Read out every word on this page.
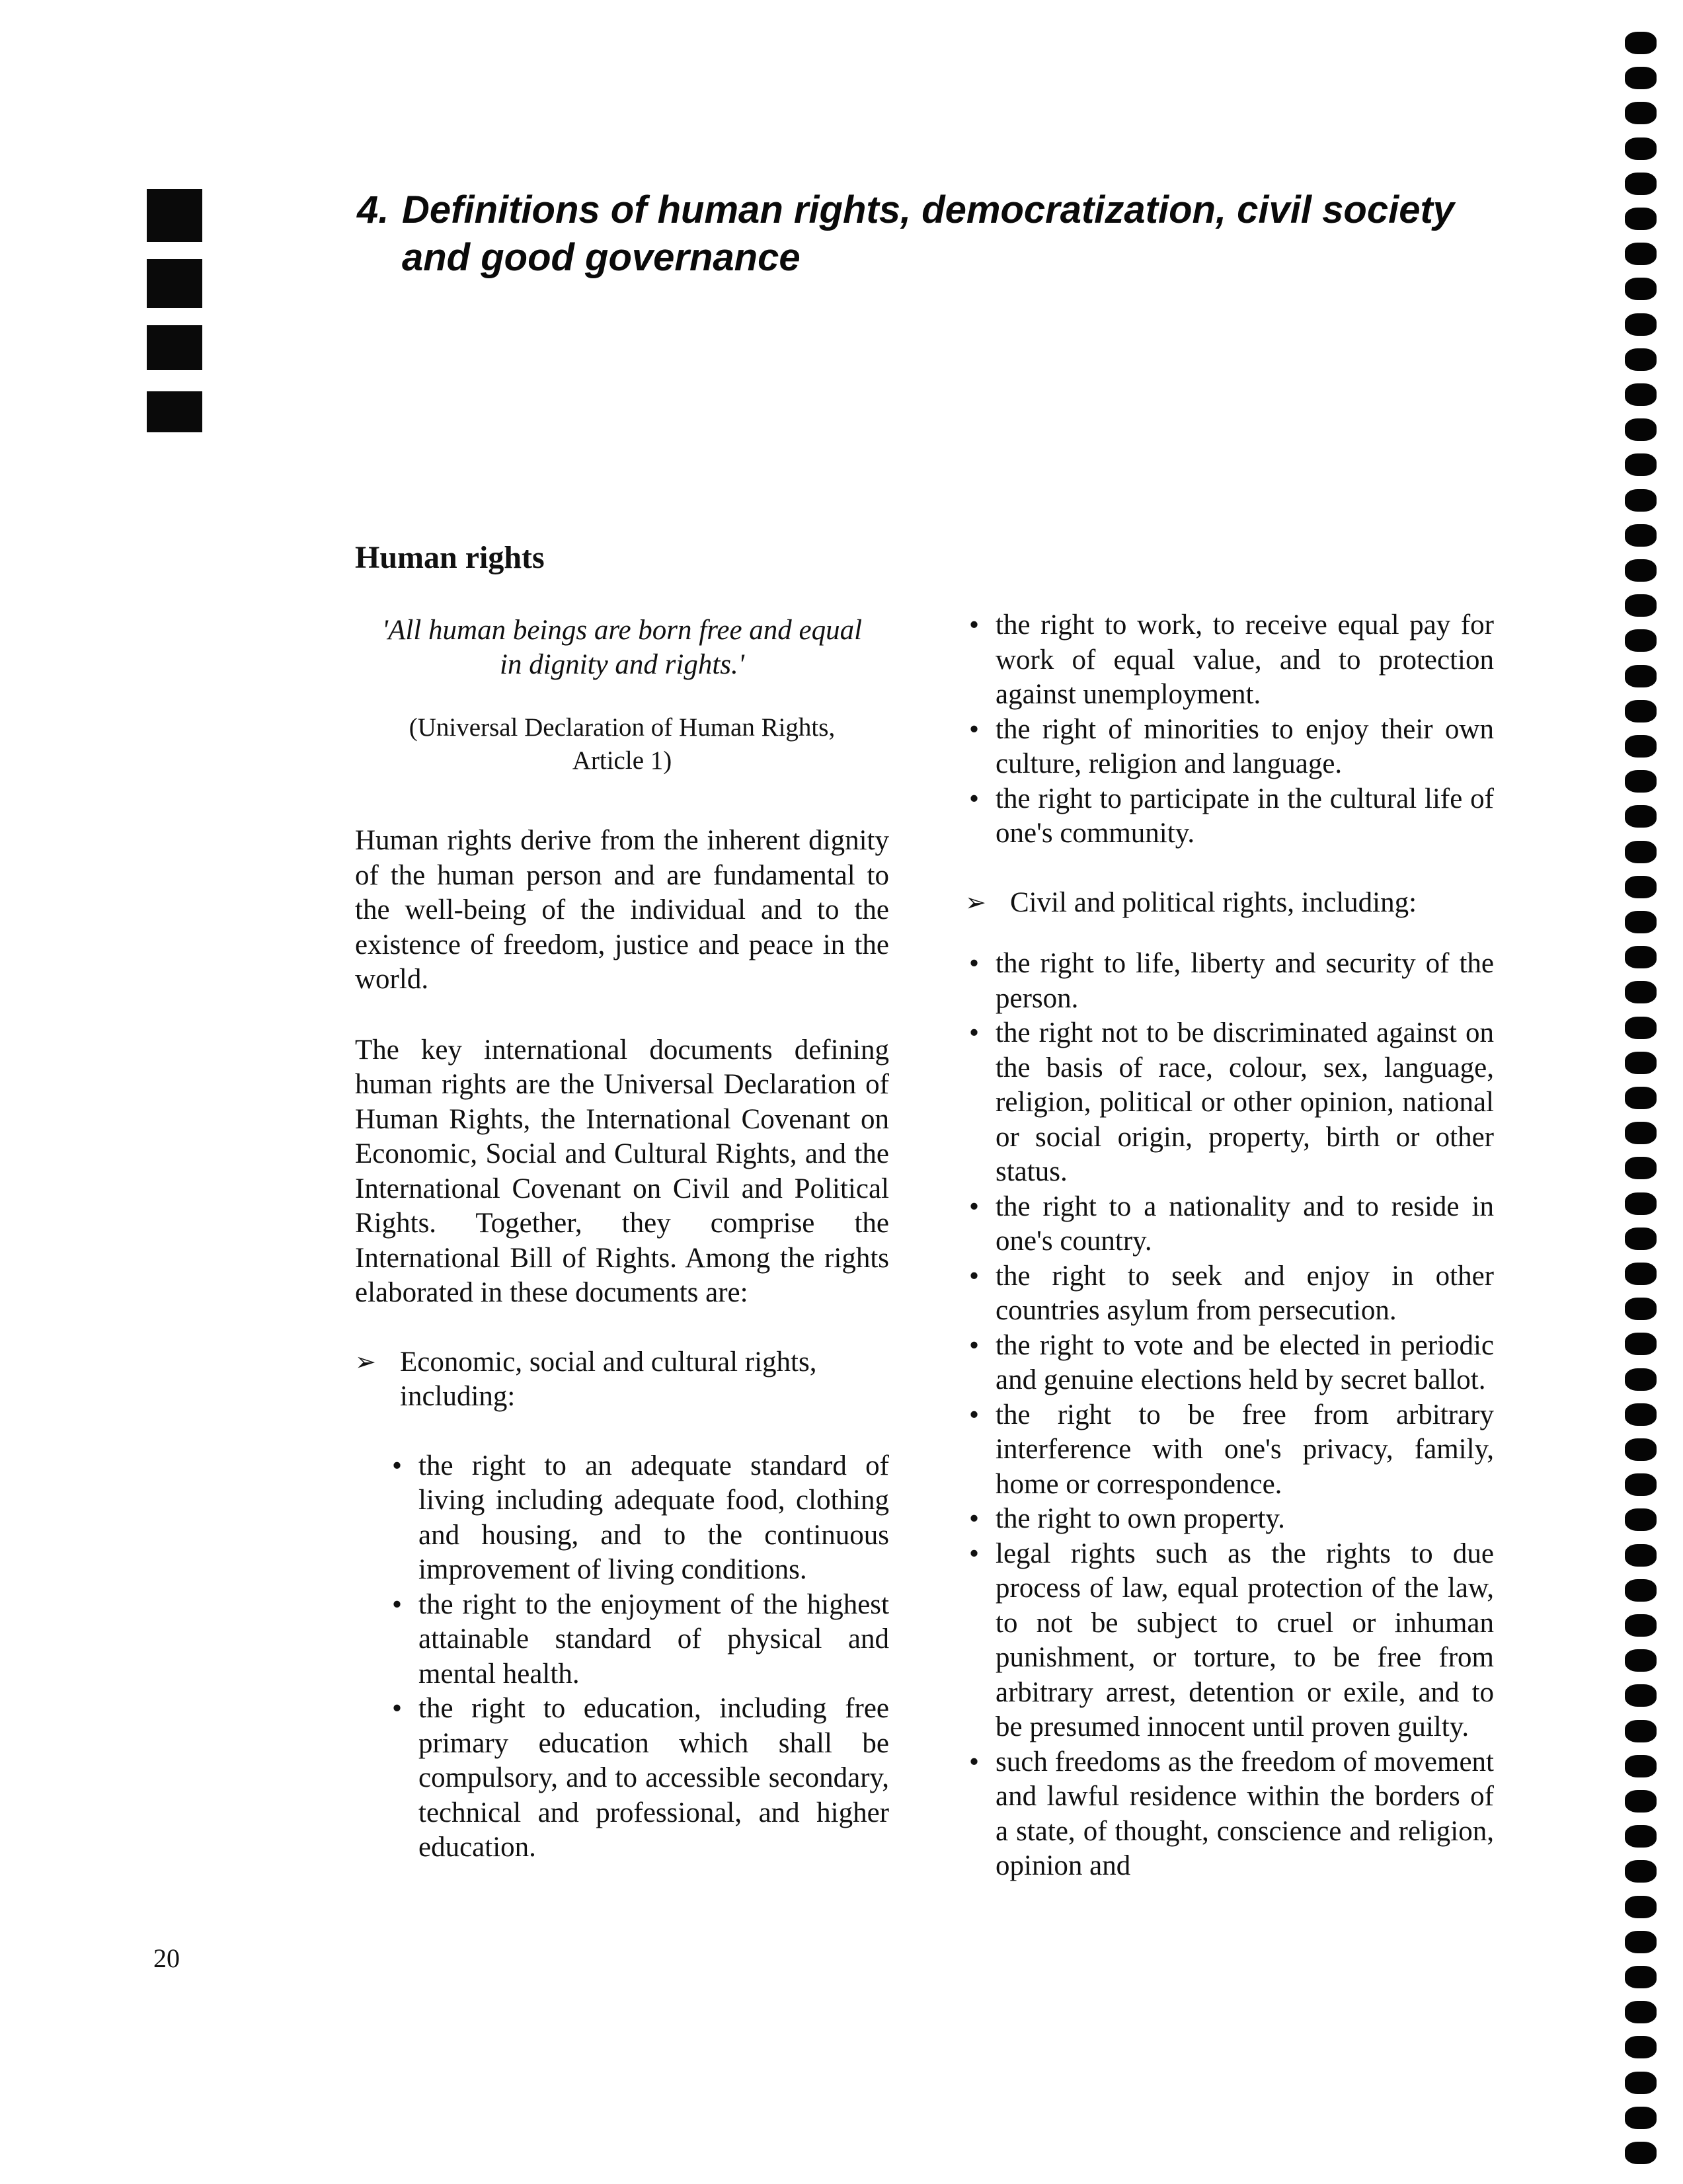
4. Definitions of human rights, democratization, civil society
and good governance
Human rights

'All human beings are born free and equal in dignity and rights.'

(Universal Declaration of Human Rights, Article 1)

Human rights derive from the inherent dignity of the human person and are fundamental to the well-being of the individual and to the existence of freedom, justice and peace in the world.

The key international documents defining human rights are the Universal Declaration of Human Rights, the International Covenant on Economic, Social and Cultural Rights, and the International Covenant on Civil and Political Rights. Together, they comprise the International Bill of Rights. Among the rights elaborated in these documents are:

➢ Economic, social and cultural rights, including:
• the right to an adequate standard of living including adequate food, clothing and housing, and to the continuous improvement of living conditions.
• the right to the enjoyment of the highest attainable standard of physical and mental health.
• the right to education, including free primary education which shall be compulsory, and to accessible secondary, technical and professional, and higher education.
• the right to work, to receive equal pay for work of equal value, and to protection against unemployment.
• the right of minorities to enjoy their own culture, religion and language.
• the right to participate in the cultural life of one's community.
➢ Civil and political rights, including:
• the right to life, liberty and security of the person.
• the right not to be discriminated against on the basis of race, colour, sex, language, religion, political or other opinion, national or social origin, property, birth or other status.
• the right to a nationality and to reside in one's country.
• the right to seek and enjoy in other countries asylum from persecution.
• the right to vote and be elected in periodic and genuine elections held by secret ballot.
• the right to be free from arbitrary interference with one's privacy, family, home or correspondence.
• the right to own property.
• legal rights such as the rights to due process of law, equal protection of the law, to not be subject to cruel or inhuman punishment, or torture, to be free from arbitrary arrest, detention or exile, and to be presumed innocent until proven guilty.
• such freedoms as the freedom of movement and lawful residence within the borders of a state, of thought, conscience and religion, opinion and
20
